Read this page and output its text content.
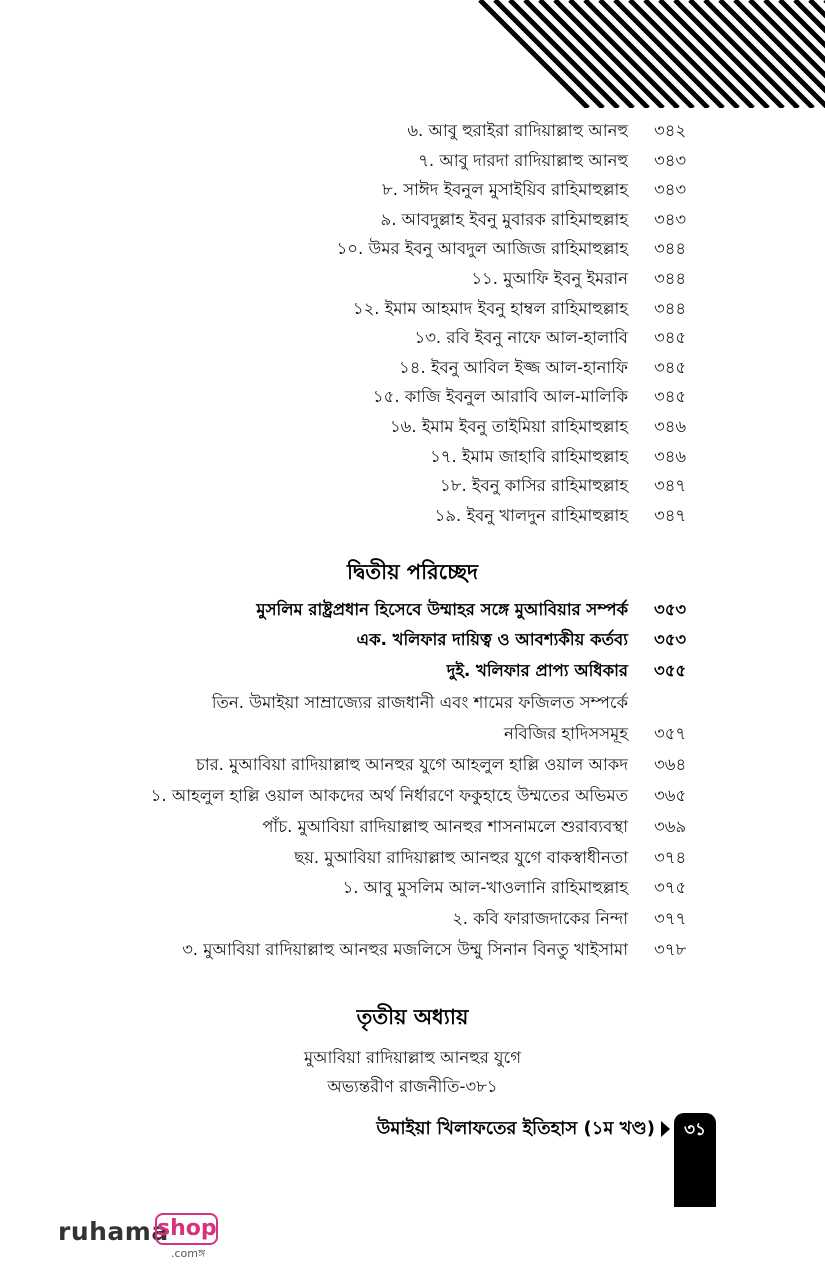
৬. আবু হুরাইরা রাদিয়াল্লাহু আনহু ৩৪২
৭. আবু দারদা রাদিয়াল্লাহু আনহু ৩৪৩
৮. সাঈদ ইবনুল মুসাইয়িব রাহিমাহুল্লাহ ৩৪৩
৯. আবদুল্লাহ ইবনু মুবারক রাহিমাহুল্লাহ ৩৪৩
১০. উমর ইবনু আবদুল আজিজ রাহিমাহুল্লাহ ৩৪৪
১১. মুআফি ইবনু ইমরান ৩৪৪
১২. ইমাম আহমাদ ইবনু হাম্বল রাহিমাহুল্লাহ ৩৪৪
১৩. রবি ইবনু নাফে আল-হালাবি ৩৪৫
১৪. ইবনু আবিল ইজ্জ আল-হানাফি ৩৪৫
১৫. কাজি ইবনুল আরাবি আল-মালিকি ৩৪৫
১৬. ইমাম ইবনু তাইমিয়া রাহিমাহুল্লাহ ৩৪৬
১৭. ইমাম জাহাবি রাহিমাহুল্লাহ ৩৪৬
১৮. ইবনু কাসির রাহিমাহুল্লাহ ৩৪৭
১৯. ইবনু খালদুন রাহিমাহুল্লাহ ৩৪৭
দ্বিতীয় পরিচ্ছেদ
মুসলিম রাষ্ট্রপ্রধান হিসেবে উম্মাহর সঙ্গে মুআবিয়ার সম্পর্ক ৩৫৩
এক. খলিফার দায়িত্ব ও আবশ্যকীয় কর্তব্য ৩৫৩
দুই. খলিফার প্রাপ্য অধিকার ৩৫৫
তিন. উমাইয়া সাম্রাজ্যের রাজধানী এবং শামের ফজিলত সম্পর্কে
নবিজির হাদিসসমূহ ৩৫৭
চার. মুআবিয়া রাদিয়াল্লাহু আনহুর যুগে আহলুল হাল্লি ওয়াল আকদ ৩৬৪
১. আহলুল হাল্লি ওয়াল আকদের অর্থ নির্ধারণে ফকুহাহে উম্মতের অভিমত ৩৬৫
পাঁচ. মুআবিয়া রাদিয়াল্লাহু আনহুর শাসনামলে শুরাব্যবস্থা ৩৬৯
ছয়. মুআবিয়া রাদিয়াল্লাহু আনহুর যুগে বাকস্বাধীনতা ৩৭৪
১. আবু মুসলিম আল-খাওলানি রাহিমাহুল্লাহ ৩৭৫
২. কবি ফারাজদাকের নিন্দা ৩৭৭
৩. মুআবিয়া রাদিয়াল্লাহু আনহুর মজলিসে উম্মু সিনান বিনতু খাইসামা ৩৭৮
তৃতীয় অধ্যায়
মুআবিয়া রাদিয়াল্লাহু আনহুর যুগে
অভ্যন্তরীণ রাজনীতি-৩৮১
উমাইয়া খিলাফতের ইতিহাস (১ম খণ্ড)	৩১
ruhama
shop
.comঙ্গ
